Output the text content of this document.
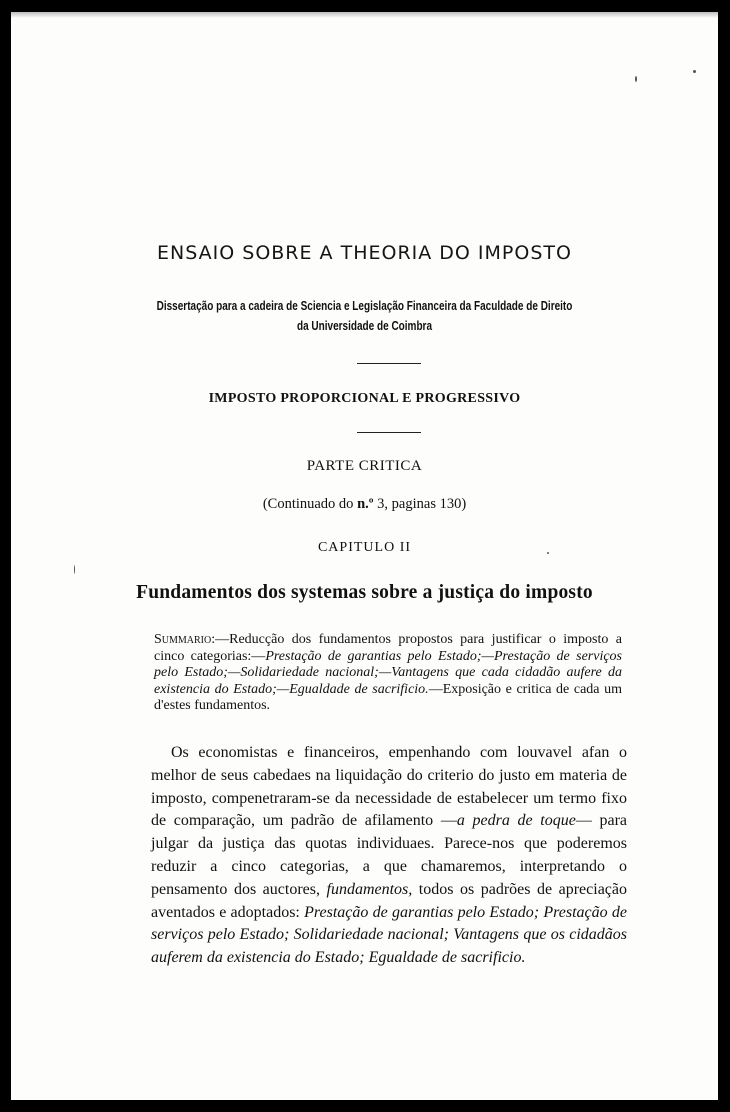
ENSAIO SOBRE A THEORIA DO IMPOSTO
Dissertação para a cadeira de Sciencia e Legislação Financeira da Faculdade de Direito
da Universidade de Coimbra
IMPOSTO PROPORCIONAL E PROGRESSIVO
PARTE CRITICA
(Continuado do n.º 3, paginas 130)
CAPITULO II
Fundamentos dos systemas sobre a justiça do imposto
Summario:—Reducção dos fundamentos propostos para justificar o imposto a cinco categorias:—Prestação de garantias pelo Estado;—Prestação de serviços pelo Estado;—Solidariedade nacional;—Vantagens que cada cidadão aufere da existencia do Estado;—Egualdade de sacrificio.—Exposição e critica de cada um d'estes fundamentos.
Os economistas e financeiros, empenhando com louvavel afan o melhor de seus cabedaes na liquidação do criterio do justo em materia de imposto, compenetraram-se da necessidade de estabelecer um termo fixo de comparação, um padrão de afilamento —a pedra de toque— para julgar da justiça das quotas individuaes. Parece-nos que poderemos reduzir a cinco categorias, a que chamaremos, interpretando o pensamento dos auctores, fundamentos, todos os padrões de apreciação aventados e adoptados: Prestação de garantias pelo Estado; Prestação de serviços pelo Estado; Solidariedade nacional; Vantagens que os cidadãos auferem da existencia do Estado; Egualdade de sacrificio.
